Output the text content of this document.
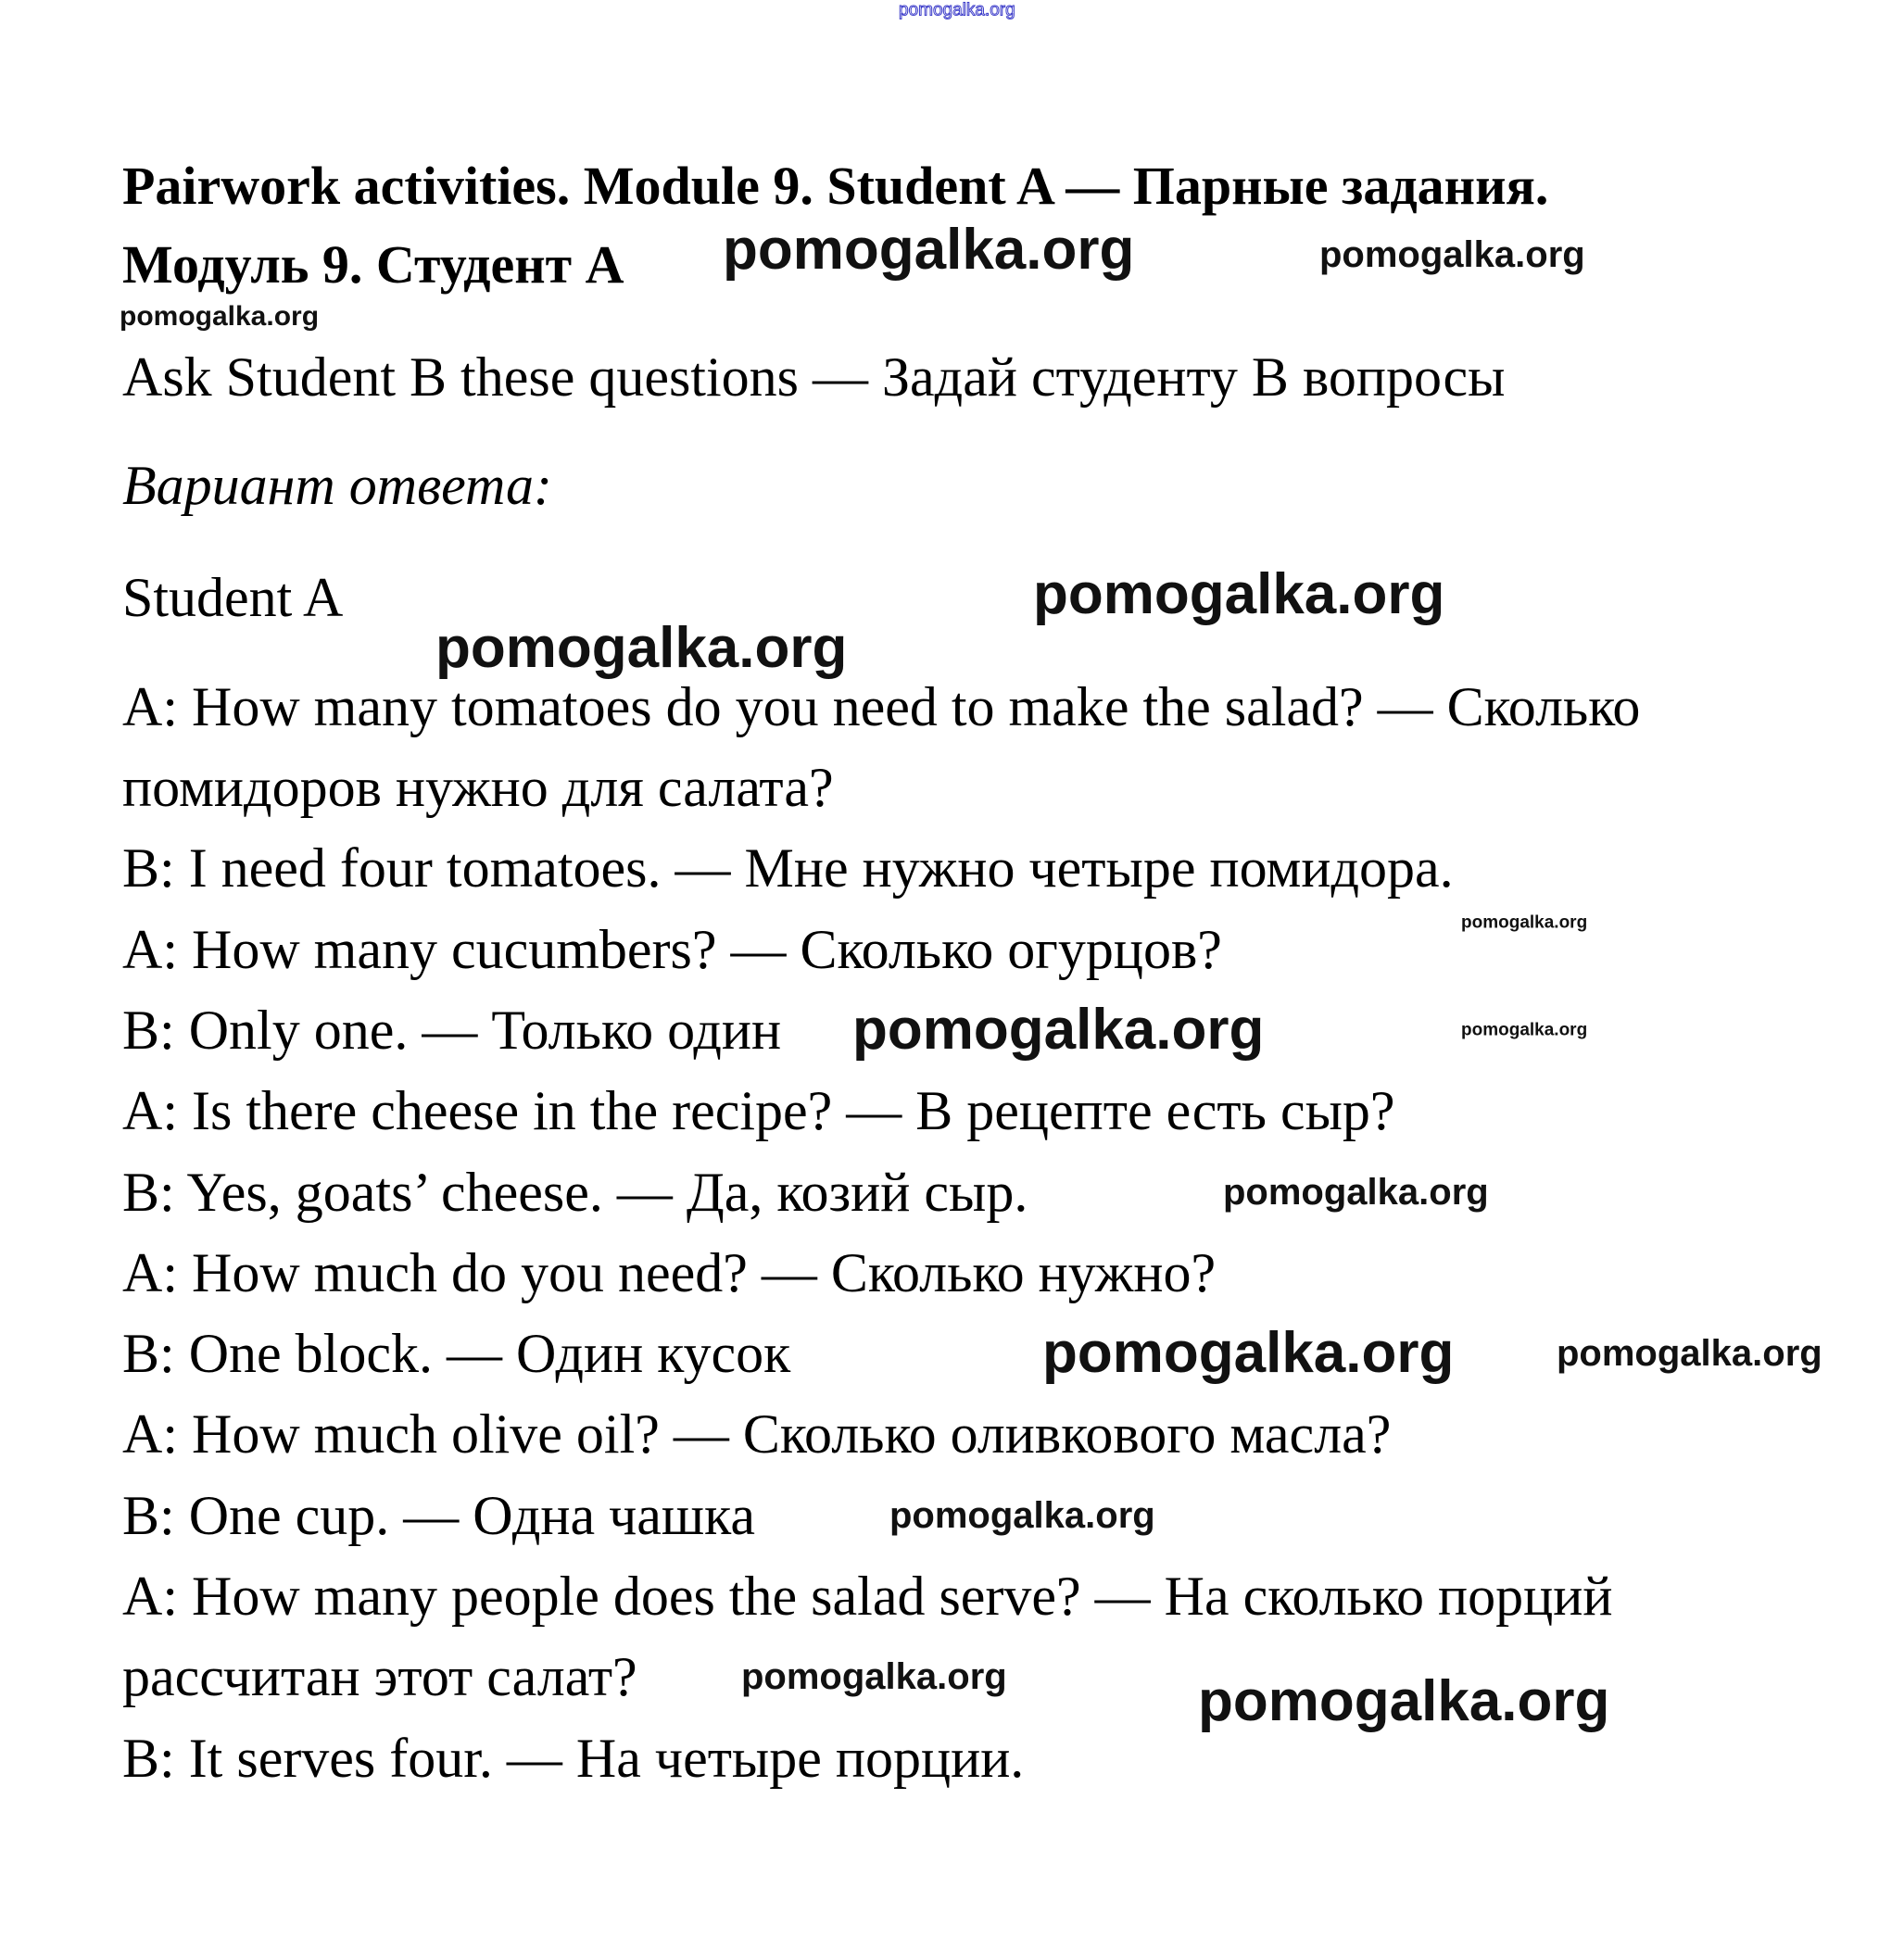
pomogalka.org
Pairwork activities. Module 9. Student A — Парные задания.
Модуль 9. Студент А
Ask Student B these questions — Задай студенту B вопросы
Вариант ответа:
Student A
A: How many tomatoes do you need to make the salad? — Сколько
помидоров нужно для салата?
B: I need four tomatoes. — Мне нужно четыре помидора.
A: How many cucumbers? — Сколько огурцов?
B: Only one. — Только один
A: Is there cheese in the recipe? — В рецепте есть сыр?
B: Yes, goats’ cheese. — Да, козий сыр.
A: How much do you need? — Сколько нужно?
B: One block. — Один кусок
A: How much olive oil? — Сколько оливкового масла?
B: One cup. — Одна чашка
A: How many people does the salad serve? — На сколько порций
рассчитан этот салат?
B: It serves four. — На четыре порции.
pomogalka.org	pomogalka.org
pomogalka.org
pomogalka.org
pomogalka.org
pomogalka.org
pomogalka.org	pomogalka.org
pomogalka.org
pomogalka.org	pomogalka.org
pomogalka.org
pomogalka.org	pomogalka.org
